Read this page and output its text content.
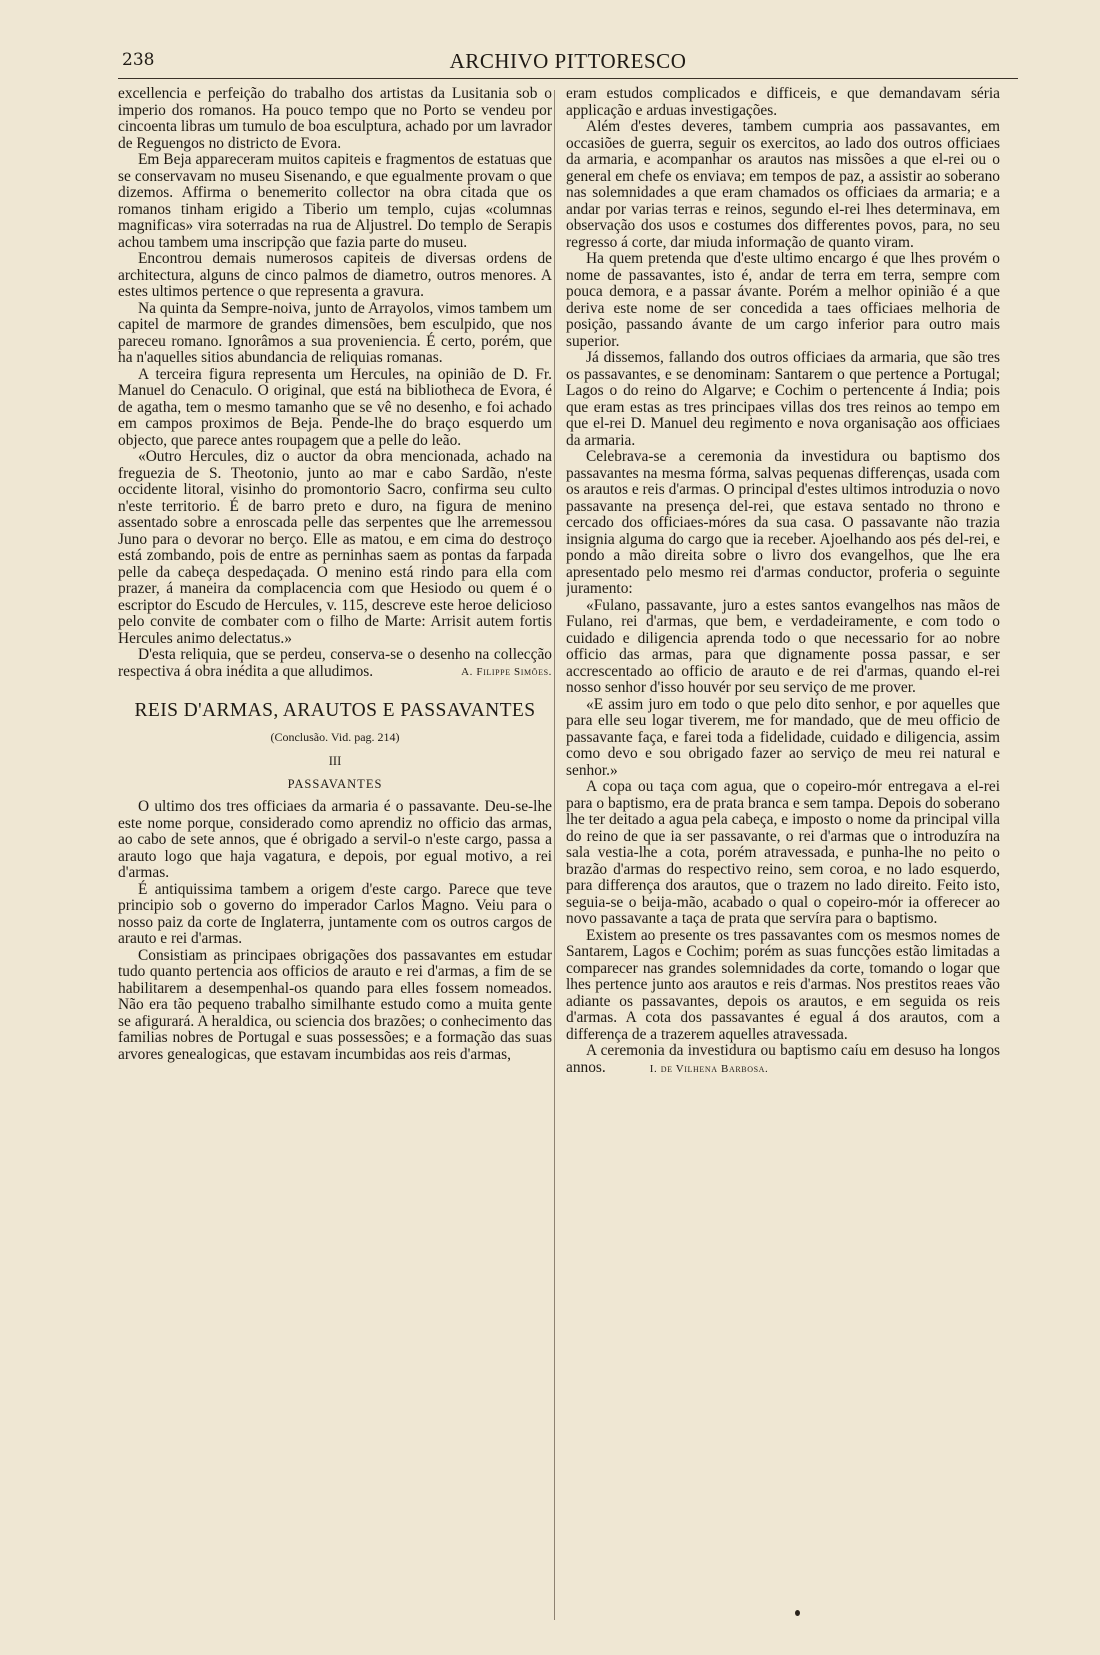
238	ARCHIVO PITTORESCO

excellencia e perfeição do trabalho dos artistas da Lusitania sob o imperio dos romanos. Ha pouco tempo que no Porto se vendeu por cincoenta libras um tumulo de boa esculptura, achado por um lavrador de Reguengos no districto de Evora.

Em Beja appareceram muitos capiteis e fragmentos de estatuas que se conservavam no museu Sisenando, e que egualmente provam o que dizemos. Affirma o benemerito collector na obra citada que os romanos tinham erigido a Tiberio um templo, cujas «columnas magnificas» vira soterradas na rua de Aljustrel. Do templo de Serapis achou tambem uma inscripção que fazia parte do museu.

Encontrou demais numerosos capiteis de diversas ordens de architectura, alguns de cinco palmos de diametro, outros menores. A estes ultimos pertence o que representa a gravura.

Na quinta da Sempre-noiva, junto de Arrayolos, vimos tambem um capitel de marmore de grandes dimensões, bem esculpido, que nos pareceu romano. Ignorâmos a sua proveniencia. É certo, porém, que ha n'aquelles sitios abundancia de reliquias romanas.

A terceira figura representa um Hercules, na opinião de D. Fr. Manuel do Cenaculo. O original, que está na bibliotheca de Evora, é de agatha, tem o mesmo tamanho que se vê no desenho, e foi achado em campos proximos de Beja. Pende-lhe do braço esquerdo um objecto, que parece antes roupagem que a pelle do leão.

«Outro Hercules, diz o auctor da obra mencionada, achado na freguezia de S. Theotonio, junto ao mar e cabo Sardão, n'este occidente litoral, visinho do promontorio Sacro, confirma seu culto n'este territorio. É de barro preto e duro, na figura de menino assentado sobre a enroscada pelle das serpentes que lhe arremessou Juno para o devorar no berço. Elle as matou, e em cima do destroço está zombando, pois de entre as perninhas saem as pontas da farpada pelle da cabeça despedaçada. O menino está rindo para ella com prazer, á maneira da complacencia com que Hesiodo ou quem é o escriptor do Escudo de Hercules, v. 115, descreve este heroe delicioso pelo convite de combater com o filho de Marte: Arrisit autem fortis Hercules animo delectatus.»

D'esta reliquia, que se perdeu, conserva-se o desenho na collecção respectiva á obra inédita a que alludimos.	A. Filippe Simões.
REIS D'ARMAS, ARAUTOS E PASSAVANTES
(Conclusão. Vid. pag. 214)
III
PASSAVANTES

O ultimo dos tres officiaes da armaria é o passavante. Deu-se-lhe este nome porque, considerado como aprendiz no officio das armas, ao cabo de sete annos, que é obrigado a servil-o n'este cargo, passa a arauto logo que haja vagatura, e depois, por egual motivo, a rei d'armas.

É antiquissima tambem a origem d'este cargo. Parece que teve principio sob o governo do imperador Carlos Magno. Veiu para o nosso paiz da corte de Inglaterra, juntamente com os outros cargos de arauto e rei d'armas.

Consistiam as principaes obrigações dos passavantes em estudar tudo quanto pertencia aos officios de arauto e rei d'armas, a fim de se habilitarem a desempenhal-os quando para elles fossem nomeados. Não era tão pequeno trabalho similhante estudo como a muita gente se afigurará. A heraldica, ou sciencia dos brazões; o conhecimento das familias nobres de Portugal e suas possessões; e a formação das suas arvores genealogicas, que estavam incumbidas aos reis d'armas,

eram estudos complicados e difficeis, e que demandavam séria applicação e arduas investigações.

Além d'estes deveres, tambem cumpria aos passavantes, em occasiões de guerra, seguir os exercitos, ao lado dos outros officiaes da armaria, e acompanhar os arautos nas missões a que el-rei ou o general em chefe os enviava; em tempos de paz, a assistir ao soberano nas solemnidades a que eram chamados os officiaes da armaria; e a andar por varias terras e reinos, segundo el-rei lhes determinava, em observação dos usos e costumes dos differentes povos, para, no seu regresso á corte, dar miuda informação de quanto viram.

Ha quem pretenda que d'este ultimo encargo é que lhes provém o nome de passavantes, isto é, andar de terra em terra, sempre com pouca demora, e a passar ávante. Porém a melhor opinião é a que deriva este nome de ser concedida a taes officiaes melhoria de posição, passando ávante de um cargo inferior para outro mais superior.

Já dissemos, fallando dos outros officiaes da armaria, que são tres os passavantes, e se denominam: Santarem o que pertence a Portugal; Lagos o do reino do Algarve; e Cochim o pertencente á India; pois que eram estas as tres principaes villas dos tres reinos ao tempo em que el-rei D. Manuel deu regimento e nova organisação aos officiaes da armaria.

Celebrava-se a ceremonia da investidura ou baptismo dos passavantes na mesma fórma, salvas pequenas differenças, usada com os arautos e reis d'armas. O principal d'estes ultimos introduzia o novo passavante na presença del-rei, que estava sentado no throno e cercado dos officiaes-móres da sua casa. O passavante não trazia insignia alguma do cargo que ia receber. Ajoelhando aos pés del-rei, e pondo a mão direita sobre o livro dos evangelhos, que lhe era apresentado pelo mesmo rei d'armas conductor, proferia o seguinte juramento:

«Fulano, passavante, juro a estes santos evangelhos nas mãos de Fulano, rei d'armas, que bem, e verdadeiramente, e com todo o cuidado e diligencia aprenda todo o que necessario for ao nobre officio das armas, para que dignamente possa passar, e ser accrescentado ao officio de arauto e de rei d'armas, quando el-rei nosso senhor d'isso houvér por seu serviço de me prover.

«E assim juro em todo o que pelo dito senhor, e por aquelles que para elle seu logar tiverem, me for mandado, que de meu officio de passavante faça, e farei toda a fidelidade, cuidado e diligencia, assim como devo e sou obrigado fazer ao serviço de meu rei natural e senhor.»

A copa ou taça com agua, que o copeiro-mór entregava a el-rei para o baptismo, era de prata branca e sem tampa. Depois do soberano lhe ter deitado a agua pela cabeça, e imposto o nome da principal villa do reino de que ia ser passavante, o rei d'armas que o introduzíra na sala vestia-lhe a cota, porém atravessada, e punha-lhe no peito o brazão d'armas do respectivo reino, sem coroa, e no lado esquerdo, para differença dos arautos, que o trazem no lado direito. Feito isto, seguia-se o beija-mão, acabado o qual o copeiro-mór ia offerecer ao novo passavante a taça de prata que servíra para o baptismo.

Existem ao presente os tres passavantes com os mesmos nomes de Santarem, Lagos e Cochim; porém as suas funcções estão limitadas a comparecer nas grandes solemnidades da corte, tomando o logar que lhes pertence junto aos arautos e reis d'armas. Nos prestitos reaes vão adiante os passavantes, depois os arautos, e em seguida os reis d'armas. A cota dos passavantes é egual á dos arautos, com a differença de a trazerem aquelles atravessada.

A ceremonia da investidura ou baptismo caíu em desuso ha longos annos.	I. de Vilhena Barbosa.
